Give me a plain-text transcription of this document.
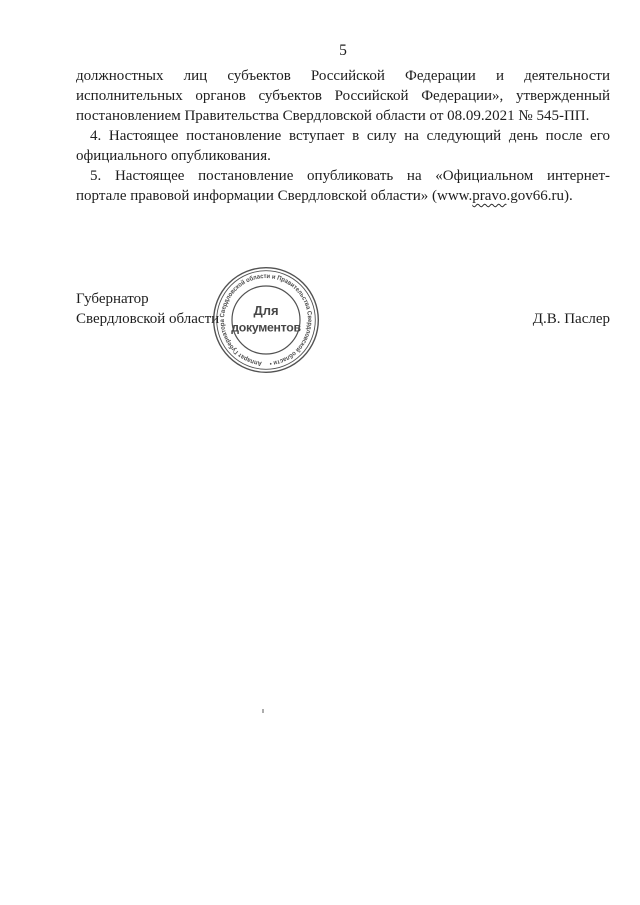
5
должностных лиц субъектов Российской Федерации и деятельности
исполнительных органов субъектов Российской Федерации», утвержденный
постановлением Правительства Свердловской области от 08.09.2021 № 545-ПП.
4. Настоящее постановление вступает в силу на следующий день после его
официального опубликования.
5. Настоящее постановление опубликовать на «Официальном интернет-
портале правовой информации Свердловской области» (www.pravo.gov66.ru).
Губернатор
Свердловской области	Д.В. Паслер
Аппарат Губернатора Свердловской области и Правительства Свердловской области •
Для
документов
